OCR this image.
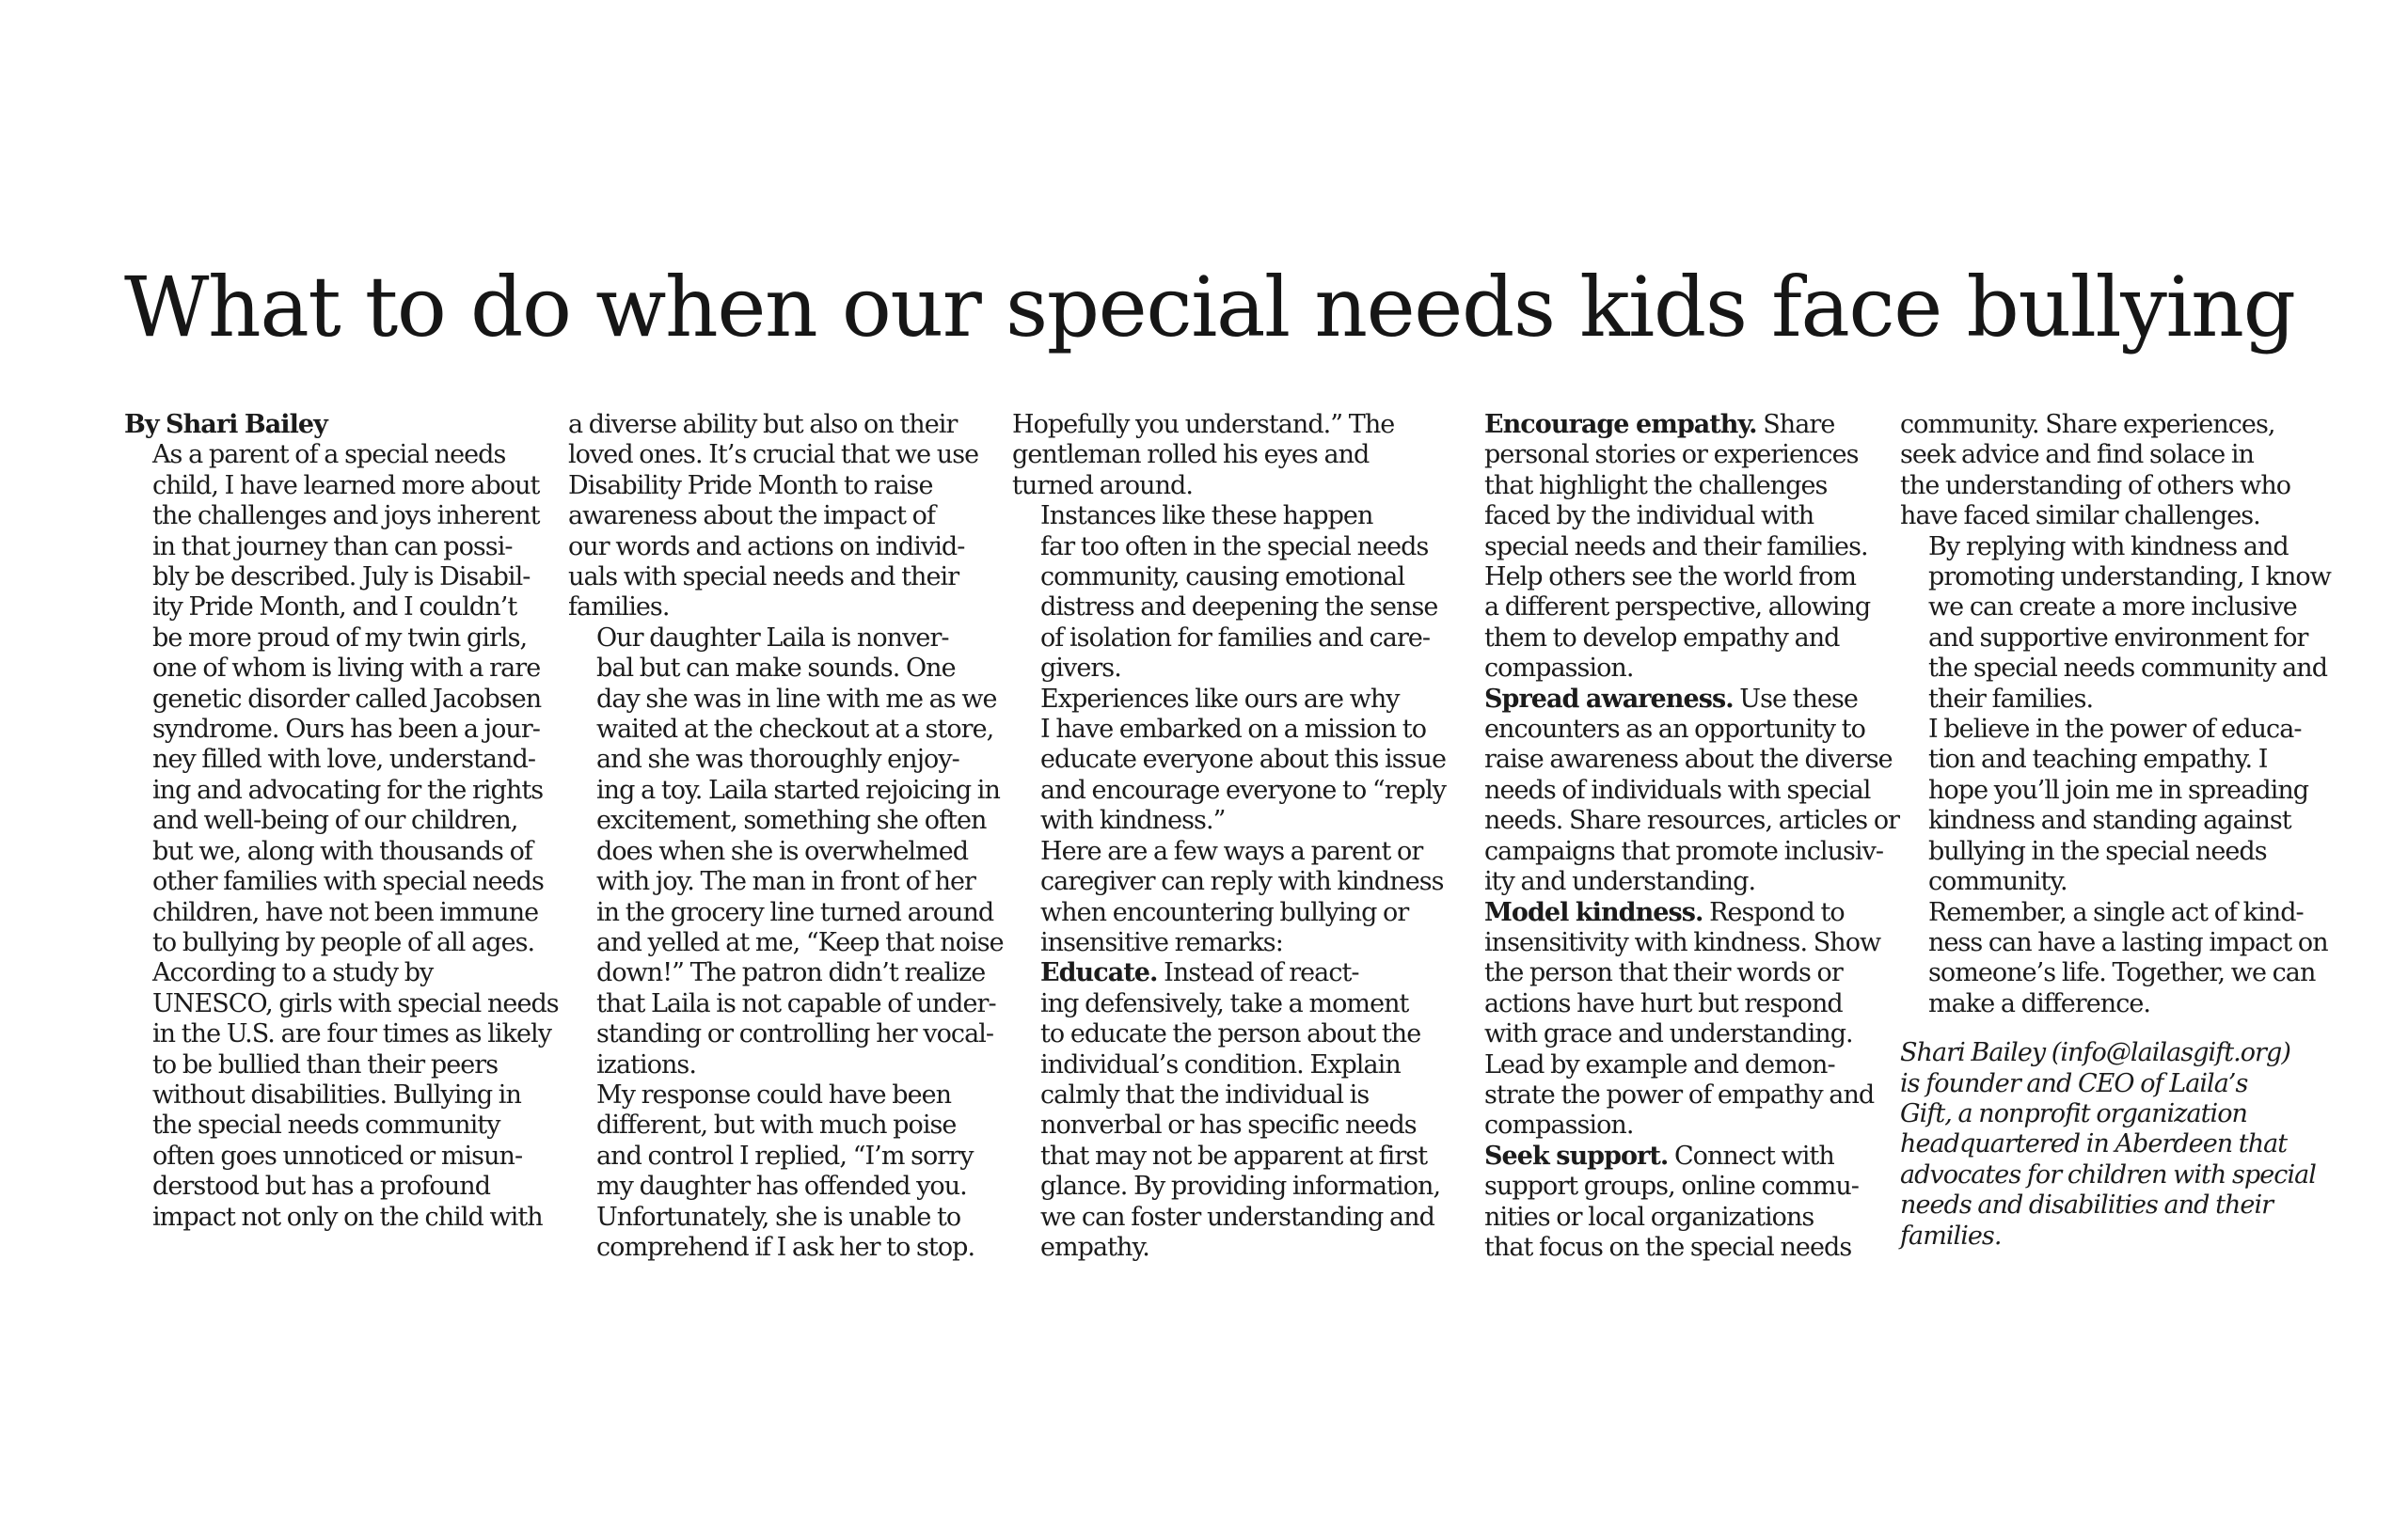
What to do when our special needs kids face bullying

By Shari Bailey

As a parent of a special needs
child, I have learned more about
the challenges and joys inherent
in that journey than can possi-
bly be described. July is Disabil-
ity Pride Month, and I couldn’t
be more proud of my twin girls,
one of whom is living with a rare
genetic disorder called Jacobsen
syndrome. Ours has been a jour-
ney filled with love, understand-
ing and advocating for the rights
and well-being of our children,
but we, along with thousands of
other families with special needs
children, have not been immune
to bullying by people of all ages.

According to a study by
UNESCO, girls with special needs
in the U.S. are four times as likely
to be bullied than their peers
without disabilities. Bullying in
the special needs community
often goes unnoticed or misun-
derstood but has a profound
impact not only on the child with

a diverse ability but also on their
loved ones. It’s crucial that we use
Disability Pride Month to raise
awareness about the impact of
our words and actions on individ-
uals with special needs and their
families.

Our daughter Laila is nonver-
bal but can make sounds. One
day she was in line with me as we
waited at the checkout at a store,
and she was thoroughly enjoy-
ing a toy. Laila started rejoicing in
excitement, something she often
does when she is overwhelmed
with joy. The man in front of her
in the grocery line turned around
and yelled at me, “Keep that noise
down!” The patron didn’t realize
that Laila is not capable of under-
standing or controlling her vocal-
izations.

My response could have been
different, but with much poise
and control I replied, “I’m sorry
my daughter has offended you.
Unfortunately, she is unable to
comprehend if I ask her to stop.

Hopefully you understand.” The
gentleman rolled his eyes and
turned around.

Instances like these happen
far too often in the special needs
community, causing emotional
distress and deepening the sense
of isolation for families and care-
givers.

Experiences like ours are why
I have embarked on a mission to
educate everyone about this issue
and encourage everyone to “reply
with kindness.”

Here are a few ways a parent or
caregiver can reply with kindness
when encountering bullying or
insensitive remarks:

Educate. Instead of react-
ing defensively, take a moment
to educate the person about the
individual’s condition. Explain
calmly that the individual is
nonverbal or has specific needs
that may not be apparent at first
glance. By providing information,
we can foster understanding and
empathy.

Encourage empathy. Share
personal stories or experiences
that highlight the challenges
faced by the individual with
special needs and their families.
Help others see the world from
a different perspective, allowing
them to develop empathy and
compassion.

Spread awareness. Use these
encounters as an opportunity to
raise awareness about the diverse
needs of individuals with special
needs. Share resources, articles or
campaigns that promote inclusiv-
ity and understanding.

Model kindness. Respond to
insensitivity with kindness. Show
the person that their words or
actions have hurt but respond
with grace and understanding.
Lead by example and demon-
strate the power of empathy and
compassion.

Seek support. Connect with
support groups, online commu-
nities or local organizations
that focus on the special needs

community. Share experiences,
seek advice and find solace in
the understanding of others who
have faced similar challenges.

By replying with kindness and
promoting understanding, I know
we can create a more inclusive
and supportive environment for
the special needs community and
their families.

I believe in the power of educa-
tion and teaching empathy. I
hope you’ll join me in spreading
kindness and standing against
bullying in the special needs
community.

Remember, a single act of kind-
ness can have a lasting impact on
someone’s life. Together, we can
make a difference.

Shari Bailey (info@lailasgift.org)
is founder and CEO of Laila’s
Gift, a nonprofit organization
headquartered in Aberdeen that
advocates for children with special
needs and disabilities and their
families.
